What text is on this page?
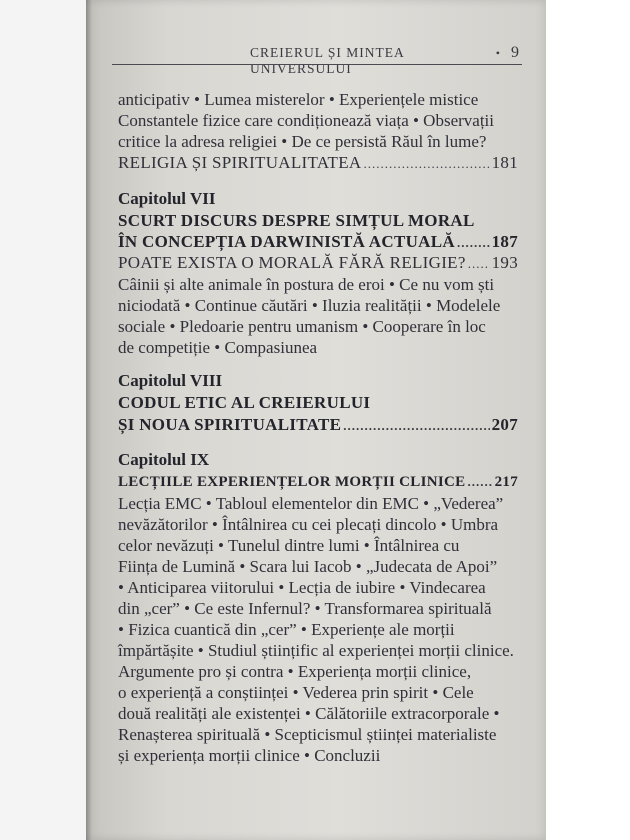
CREIERUL ȘI MINTEA UNIVERSULUI
• 9
anticipativ • Lumea misterelor • Experiențele mistice
Constantele fizice care condiționează viața • Observații
critice la adresa religiei • De ce persistă Răul în lume?
RELIGIA ȘI SPIRITUALITATEA .....	181
Capitolul VII
SCURT DISCURS DESPRE SIMȚUL MORAL
ÎN CONCEPȚIA DARWINISTĂ ACTUALĂ ..... 187
POATE EXISTA O MORALĂ FĂRĂ RELIGIE? ..... 193
Câinii și alte animale în postura de eroi • Ce nu vom ști
niciodată • Continue căutări • Iluzia realității • Modelele
sociale • Pledoarie pentru umanism • Cooperare în loc
de competiție • Compasiunea
Capitolul VIII
CODUL ETIC AL CREIERULUI
ȘI NOUA SPIRITUALITATE .....	207
Capitolul IX
LECȚIILE EXPERIENȚELOR MORȚII CLINICE ..... 217
Lecția EMC • Tabloul elementelor din EMC • „Vederea”
nevăzătorilor • Întâlnirea cu cei plecați dincolo • Umbra
celor nevăzuți • Tunelul dintre lumi • Întâlnirea cu
Ființa de Lumină • Scara lui Iacob • „Judecata de Apoi”
• Anticiparea viitorului • Lecția de iubire • Vindecarea
din „cer” • Ce este Infernul? • Transformarea spirituală
• Fizica cuantică din „cer” • Experiențe ale morții
împărtășite • Studiul științific al experienței morții clinice.
Argumente pro și contra • Experiența morții clinice,
o experiență a conștiinței • Vederea prin spirit • Cele
două realități ale existenței • Călătoriile extracorporale •
Renașterea spirituală • Scepticismul științei materialiste
și experiența morții clinice • Concluzii
